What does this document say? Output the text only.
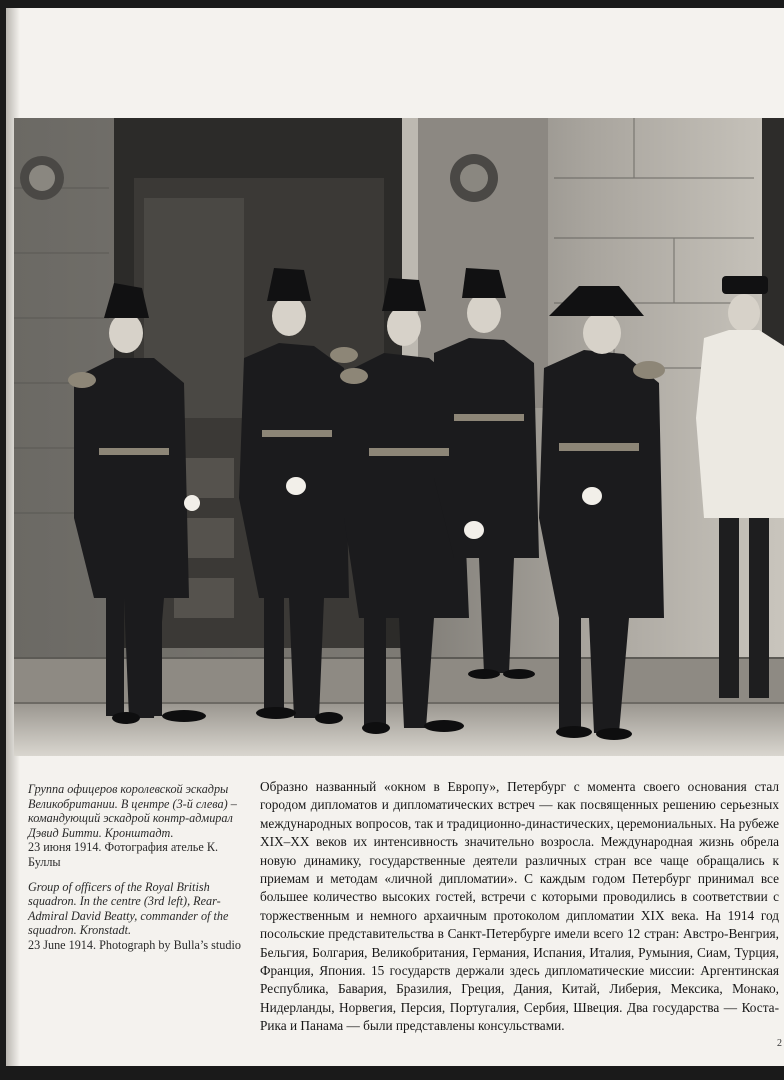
Группа офицеров королевской эскадры Великобритании. В центре (3-й слева) – командующий эскадрой контр-адмирал Дэвид Битти. Кронштадт.

23 июня 1914. Фотография ателье К. Буллы

Group of officers of the Royal British squadron. In the centre (3rd left), Rear-Admiral David Beatty, commander of the squadron. Kronstadt.

23 June 1914. Photograph by Bulla’s studio

Образно названный «окном в Европу», Петербург с момента своего основания стал городом дипломатов и дипломатических встреч — как посвященных решению серьезных международных вопросов, так и традиционно-династических, церемониальных. На рубеже XIX–XX веков их интенсивность значительно возросла. Международная жизнь обрела новую динамику, государственные деятели различных стран все чаще обращались к приемам и методам «личной дипломатии». С каждым годом Петербург принимал все большее количество высоких гостей, встречи с которыми проводились в соответствии с торжественным и немного архаичным протоколом дипломатии XIX века. На 1914 год посольские представительства в Санкт-Петербурге имели всего 12 стран: Австро-Венгрия, Бельгия, Болгария, Великобритания, Германия, Испания, Италия, Румыния, Сиам, Турция, Франция, Япония. 15 государств держали здесь дипломатические миссии: Аргентинская Республика, Бавария, Бразилия, Греция, Дания, Китай, Либерия, Мексика, Монако, Нидерланды, Норвегия, Персия, Португалия, Сербия, Швеция. Два государства — Коста-Рика и Панама — были представлены консульствами.

2
